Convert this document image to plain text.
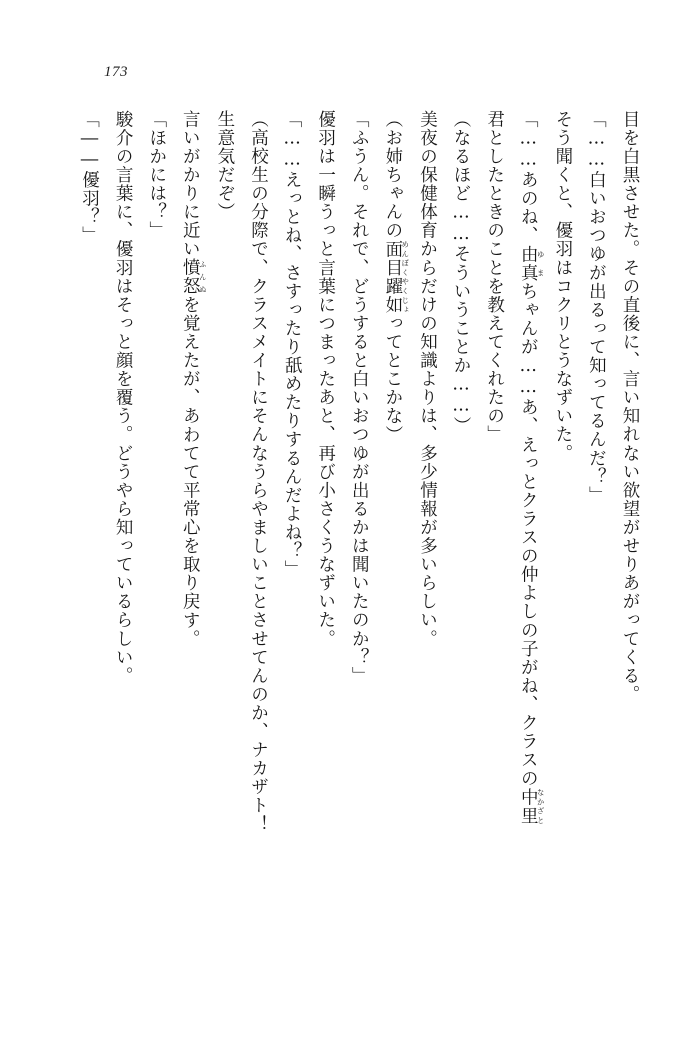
173
目を白黒させた。その直後に、言い知れない欲望がせりあがってくる。
「……白いおつゆが出るって知ってるんだ？」
そう聞くと、優羽はコクリとうなずいた。
「……あのね、由真ゆまちゃんが……あ、えっとクラスの仲よしの子がね、クラスの中里なかざと
君としたときのことを教えてくれたの」
（なるほど……そういうことか……）
美夜の保健体育からだけの知識よりは、多少情報が多いらしい。
（お姉ちゃんの面目躍如めんぼくやくじょってとこかな）
「ふうん。それで、どうすると白いおつゆが出るかは聞いたのか？」
優羽は一瞬うっと言葉につまったあと、再び小さくうなずいた。
「……えっとね、さすったり舐めたりするんだよね？」
（高校生の分際で、クラスメイトにそんなうらやましいことさせてんのか、ナカザト！
生意気だぞ）
言いがかりに近い憤怒ふんぬを覚えたが、あわてて平常心を取り戻す。
「ほかには？」
駿介の言葉に、優羽はそっと顔を覆う。どうやら知っているらしい。
「――優羽？」
